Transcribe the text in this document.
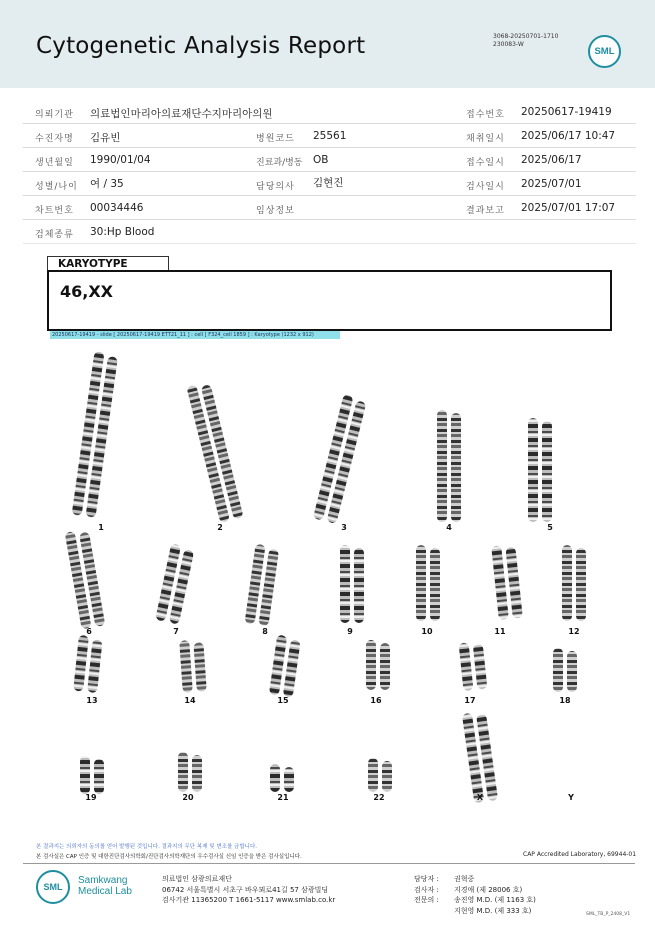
Cytogenetic Analysis Report	3068-20250701-1710
230083-W
SML
의뢰기관 의료법인마리아의료재단수지마리아의원	접수번호 20250617-19419
수진자명 김유빈	병원코드 25561	채취일시 2025/06/17 10:47
생년월일 1990/01/04	진료과/병동 OB	접수일시 2025/06/17
성별/나이 여 / 35	담당의사 김현진	검사일시 2025/07/01
차트번호 00034446	임상정보	결과보고 2025/07/01 17:07
검체종류 30:Hp Blood
KARYOTYPE
46,XX
20250617-19419 - slide [ 20250617-19419 ETT21_11 ] : cell [ F324_cell 1859 ] : Karyotype (1232 x 912)
1	2	3	4	5
6	7	8	9	10	11	12
13	14	15	16	17	18
19	20	21	22	X	Y
본 결과지는 의뢰자의 동의를 얻어 발행된 것입니다. 결과지의 무단 복제 및 변조를 금합니다.
본 검사실은 CAP 인증 및 대한진단검사의학회/진단검사의학재단의 우수검사실 신임 인증을 받은 검사실입니다.	CAP Accredited Laboratory, 69944-01
SML
Samkwang
Medical Lab
의료법인 삼광의료재단
06742 서울특별시 서초구 바우뫼로41길 57 삼광빌딩
검사기관 11365200 T 1661-5117 www.smlab.co.kr
담당자 : 권혁중
검사자 : 지경애 (제 28006 호)
전문의 : 송진영 M.D. (제 1163 호)
지현영 M.D. (제 333 호)	SML_TB_P_2408_V1
